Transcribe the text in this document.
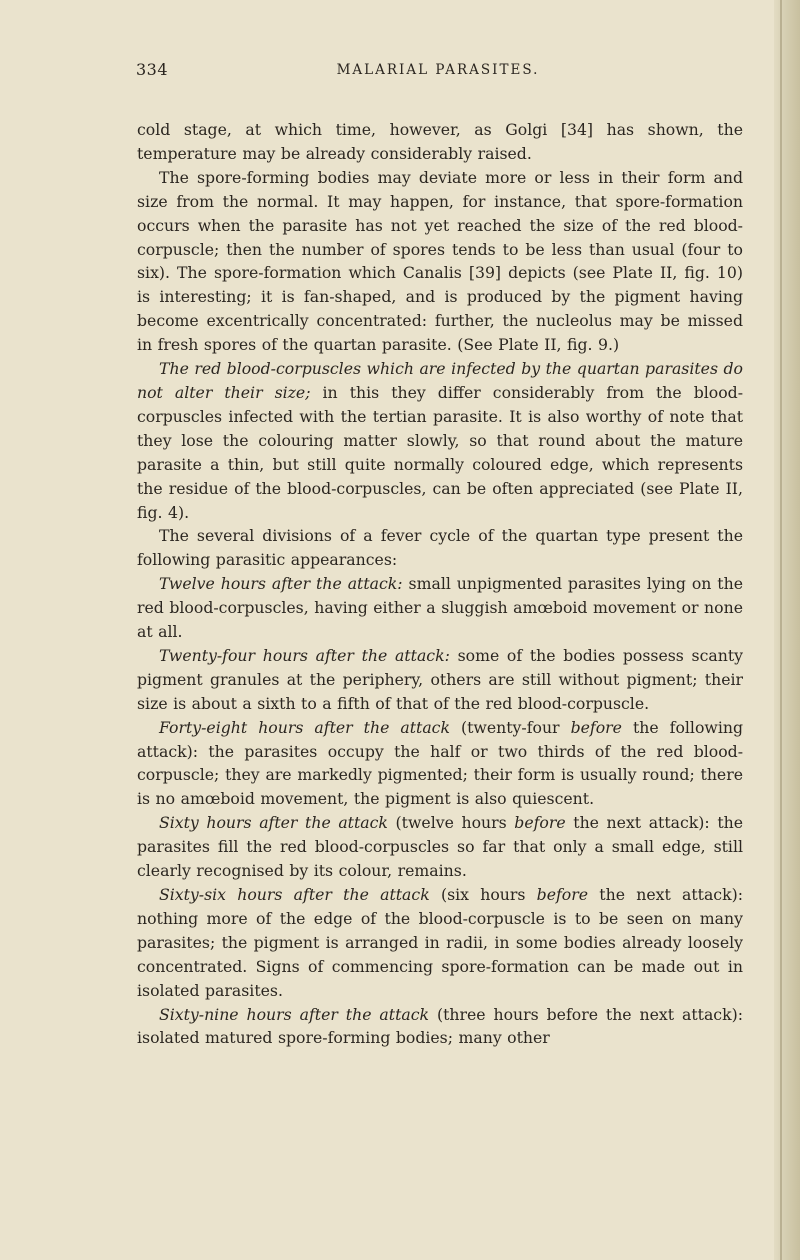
334	MALARIAL PARASITES.

cold stage, at which time, however, as Golgi [34] has shown, the temperature may be already considerably raised.

The spore-forming bodies may deviate more or less in their form and size from the normal. It may happen, for instance, that spore-formation occurs when the parasite has not yet reached the size of the red blood-corpuscle; then the number of spores tends to be less than usual (four to six). The spore-formation which Canalis [39] depicts (see Plate II, fig. 10) is interesting; it is fan-shaped, and is produced by the pigment having become excentrically concentrated: further, the nucleolus may be missed in fresh spores of the quartan parasite. (See Plate II, fig. 9.)

The red blood-corpuscles which are infected by the quartan parasites do not alter their size; in this they differ considerably from the blood-corpuscles infected with the tertian parasite. It is also worthy of note that they lose the colouring matter slowly, so that round about the mature parasite a thin, but still quite normally coloured edge, which represents the residue of the blood-corpuscles, can be often appreciated (see Plate II, fig. 4).

The several divisions of a fever cycle of the quartan type present the following parasitic appearances:

Twelve hours after the attack: small unpigmented parasites lying on the red blood-corpuscles, having either a sluggish amœboid movement or none at all.

Twenty-four hours after the attack: some of the bodies possess scanty pigment granules at the periphery, others are still without pigment; their size is about a sixth to a fifth of that of the red blood-corpuscle.

Forty-eight hours after the attack (twenty-four before the following attack): the parasites occupy the half or two thirds of the red blood-corpuscle; they are markedly pigmented; their form is usually round; there is no amœboid movement, the pigment is also quiescent.

Sixty hours after the attack (twelve hours before the next attack): the parasites fill the red blood-corpuscles so far that only a small edge, still clearly recognised by its colour, remains.

Sixty-six hours after the attack (six hours before the next attack): nothing more of the edge of the blood-corpuscle is to be seen on many parasites; the pigment is arranged in radii, in some bodies already loosely concentrated. Signs of commencing spore-formation can be made out in isolated parasites.

Sixty-nine hours after the attack (three hours before the next attack): isolated matured spore-forming bodies; many other
